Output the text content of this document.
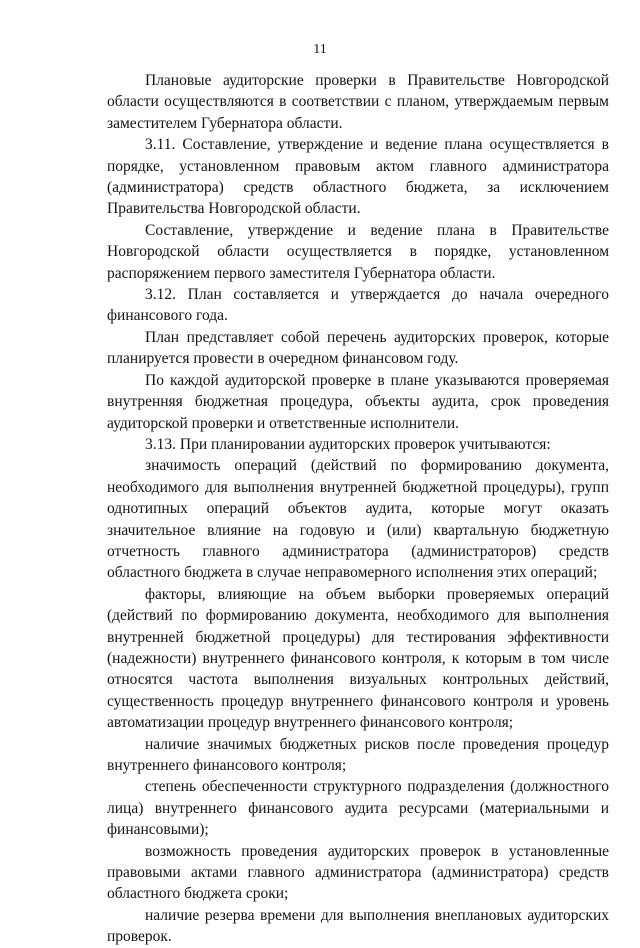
11

Плановые аудиторские проверки в Правительстве Новгородской области осуществляются в соответствии с планом, утверждаемым первым заместителем Губернатора области.

3.11. Составление, утверждение и ведение плана осуществляется в порядке, установленном правовым актом главного администратора (администратора) средств областного бюджета, за исключением Правительства Новгородской области.

Составление, утверждение и ведение плана в Правительстве Новгородской области осуществляется в порядке, установленном распоряжением первого заместителя Губернатора области.

3.12. План составляется и утверждается до начала очередного финансового года.

План представляет собой перечень аудиторских проверок, которые планируется провести в очередном финансовом году.

По каждой аудиторской проверке в плане указываются проверяемая внутренняя бюджетная процедура, объекты аудита, срок проведения аудиторской проверки и ответственные исполнители.

3.13. При планировании аудиторских проверок учитываются:

значимость операций (действий по формированию документа, необходимого для выполнения внутренней бюджетной процедуры), групп однотипных операций объектов аудита, которые могут оказать значительное влияние на годовую и (или) квартальную бюджетную отчетность главного администратора (администраторов) средств областного бюджета в случае неправомерного исполнения этих операций;

факторы, влияющие на объем выборки проверяемых операций (действий по формированию документа, необходимого для выполнения внутренней бюджетной процедуры) для тестирования эффективности (надежности) внутреннего финансового контроля, к которым в том числе относятся частота выполнения визуальных контрольных действий, существенность процедур внутреннего финансового контроля и уровень автоматизации процедур внутреннего финансового контроля;

наличие значимых бюджетных рисков после проведения процедур внутреннего финансового контроля;

степень обеспеченности структурного подразделения (должностного лица) внутреннего финансового аудита ресурсами (материальными и финансовыми);

возможность проведения аудиторских проверок в установленные правовыми актами главного администратора (администратора) средств областного бюджета сроки;

наличие резерва времени для выполнения внеплановых аудиторских проверок.
